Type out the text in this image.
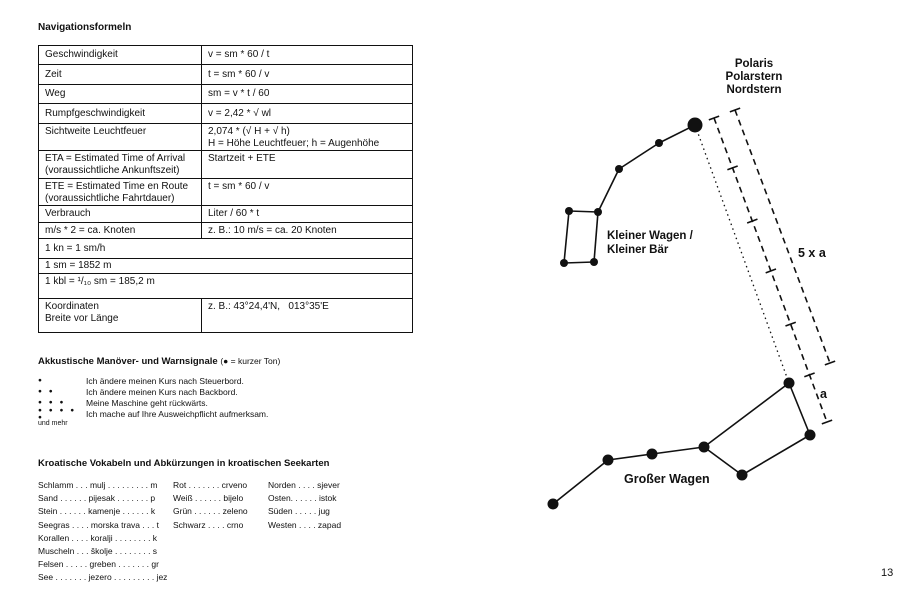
Navigationsformeln
Geschwindigkeit	v = sm * 60 / t
Zeit	t = sm * 60 / v
Weg	sm = v * t / 60
Rumpfgeschwindigkeit	v = 2,42 * √ wl
Sichtweite Leuchtfeuer	2,074 * (√ H + √ h)
H = Höhe Leuchtfeuer; h = Augenhöhe

ETA = Estimated Time of Arrival
(voraussichtliche Ankunftszeit)	Startzeit + ETE

ETE = Estimated Time en Route
(voraussichtliche Fahrtdauer)	t = sm * 60 / v
Verbrauch	Liter / 60 * t
m/s * 2 = ca. Knoten	z. B.: 10 m/s = ca. 20 Knoten
1 kn = 1 sm/h	
1 sm = 1852 m	
1 kbl = ¹/₁₀ sm = 185,2 m	

Koordinaten
Breite vor Länge	z. B.: 43°24,4'N,   013°35'E
Akkustische Manöver- und Warnsignale (● = kurzer Ton)
●	Ich ändere meinen Kurs nach Steuerbord.
● ●	Ich ändere meinen Kurs nach Backbord.
● ● ●	Meine Maschine geht rückwärts.
● ● ● ● ●	Ich mache auf Ihre Ausweichpflicht aufmerksam.
und mehr
Kroatische Vokabeln und Abkürzungen in kroatischen Seekarten
Schlamm . . . mulj . . . . . . . . . m
Sand . . . . . . pijesak . . . . . . . p
Stein . . . . . . kamenje . . . . . . k
Seegras . . . . morska trava . . . t
Korallen . . . . koralji . . . . . . . . k
Muscheln . . . školje . . . . . . . . s
Felsen . . . . . greben . . . . . . . gr
See . . . . . . . jezero . . . . . . . . . jez
Rot . . . . . . . crveno
Weiß . . . . . . bijelo
Grün . . . . . . zeleno
Schwarz . . . . crno
Norden . . . . sjever
Osten. . . . . . istok
Süden . . . . . jug
Westen . . . . zapad
Polaris
Polarstern
Nordstern
Kleiner Wagen /
Kleiner Bär
Großer Wagen
5 x a
a
13
